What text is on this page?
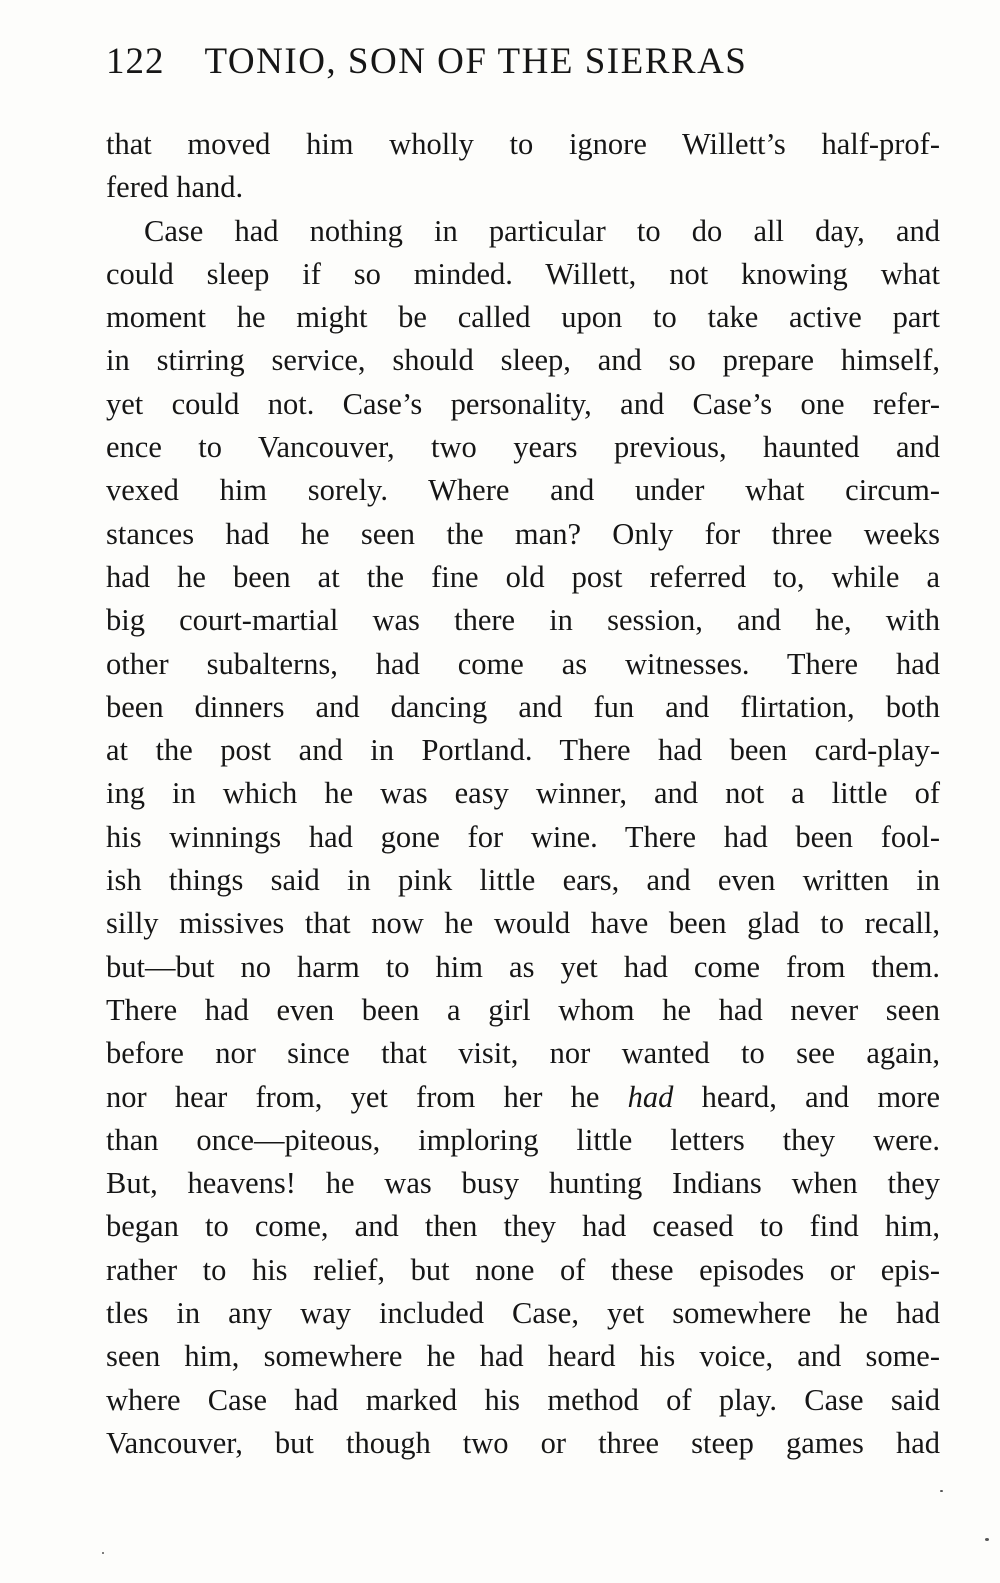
122 TONIO, SON OF THE SIERRAS
that moved him wholly to ignore Willett’s half-prof-
fered hand.
Case had nothing in particular to do all day, and
could sleep if so minded. Willett, not knowing what
moment he might be called upon to take active part
in stirring service, should sleep, and so prepare himself,
yet could not. Case’s personality, and Case’s one refer-
ence to Vancouver, two years previous, haunted and
vexed him sorely. Where and under what circum-
stances had he seen the man? Only for three weeks
had he been at the fine old post referred to, while a
big court-martial was there in session, and he, with
other subalterns, had come as witnesses. There had
been dinners and dancing and fun and flirtation, both
at the post and in Portland. There had been card-play-
ing in which he was easy winner, and not a little of
his winnings had gone for wine. There had been fool-
ish things said in pink little ears, and even written in
silly missives that now he would have been glad to recall,
but—but no harm to him as yet had come from them.
There had even been a girl whom he had never seen
before nor since that visit, nor wanted to see again,
nor hear from, yet from her he had heard, and more
than once—piteous, imploring little letters they were.
But, heavens! he was busy hunting Indians when they
began to come, and then they had ceased to find him,
rather to his relief, but none of these episodes or epis-
tles in any way included Case, yet somewhere he had
seen him, somewhere he had heard his voice, and some-
where Case had marked his method of play. Case said
Vancouver, but though two or three steep games had
